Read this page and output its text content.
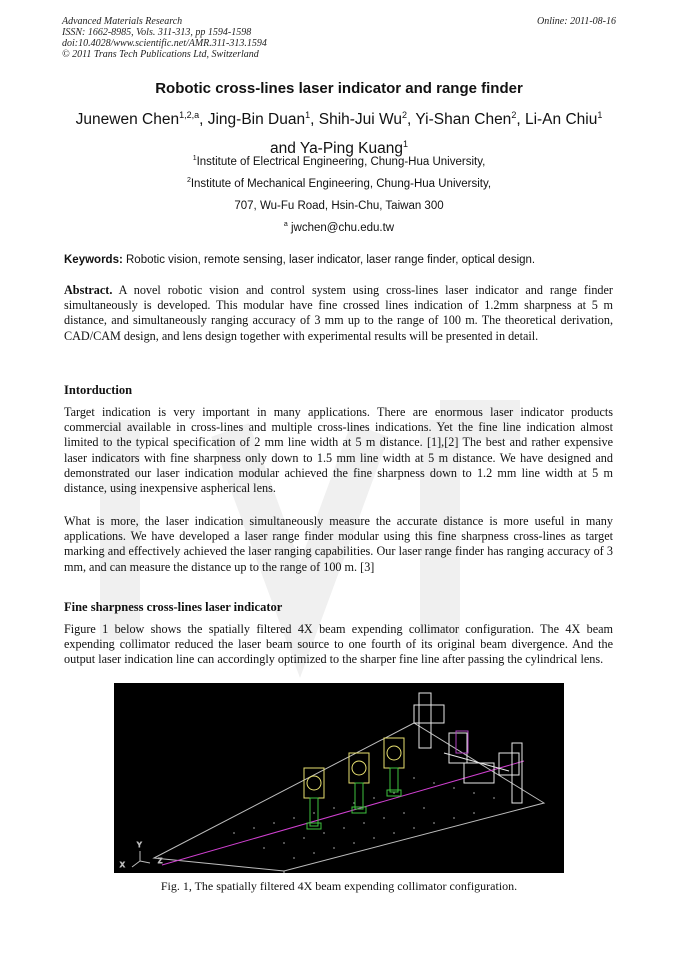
Advanced Materials Research
ISSN: 1662-8985, Vols. 311-313, pp 1594-1598
doi:10.4028/www.scientific.net/AMR.311-313.1594
© 2011 Trans Tech Publications Ltd, Switzerland
Online: 2011-08-16
Robotic cross-lines laser indicator and range finder
Junewen Chen$^{1,2,a}$, Jing-Bin Duan$^1$, Shih-Jui Wu$^2$, Yi-Shan Chen$^2$, Li-An Chiu$^1$
and Ya-Ping Kuang$^1$
$^1$Institute of Electrical Engineering, Chung-Hua University,
$^2$Institute of Mechanical Engineering, Chung-Hua University,
707, Wu-Fu Road, Hsin-Chu, Taiwan 300
$^a$ jwchen@chu.edu.tw
Keywords: Robotic vision, remote sensing, laser indicator, laser range finder, optical design.
Abstract. A novel robotic vision and control system using cross-lines laser indicator and range finder simultaneously is developed. This modular have fine crossed lines indication of 1.2mm sharpness at 5 m distance, and simultaneously ranging accuracy of 3 mm up to the range of 100 m. The theoretical derivation, CAD/CAM design, and lens design together with experimental results will be presented in detail.
Intorduction
Target indication is very important in many applications. There are enormous laser indicator products commercial available in cross-lines and multiple cross-lines indications. Yet the fine line indication almost limited to the typical specification of 2 mm line width at 5 m distance. [1],[2] The best and rather expensive laser indicators with fine sharpness only down to 1.5 mm line width at 5 m distance. We have designed and demonstrated our laser indication modular achieved the fine sharpness down to 1.2 mm line width at 5 m distance, using inexpensive aspherical lens.
What is more, the laser indication simultaneously measure the accurate distance is more useful in many applications. We have developed a laser range finder modular using this fine sharpness cross-lines as target marking and effectively achieved the laser ranging capabilities. Our laser range finder has ranging accuracy of 3 mm, and can measure the distance up to the range of 100 m. [3]
Fine sharpness cross-lines laser indicator
Figure 1 below shows the spatially filtered 4X beam expending collimator configuration. The 4X beam expending collimator reduced the laser beam source to one fourth of its original beam divergence. And the output laser indication line can accordingly optimized to the sharper fine line after passing the cylindrical lens.
X
Y
Z
Fig. 1, The spatially filtered 4X beam expending collimator configuration.
